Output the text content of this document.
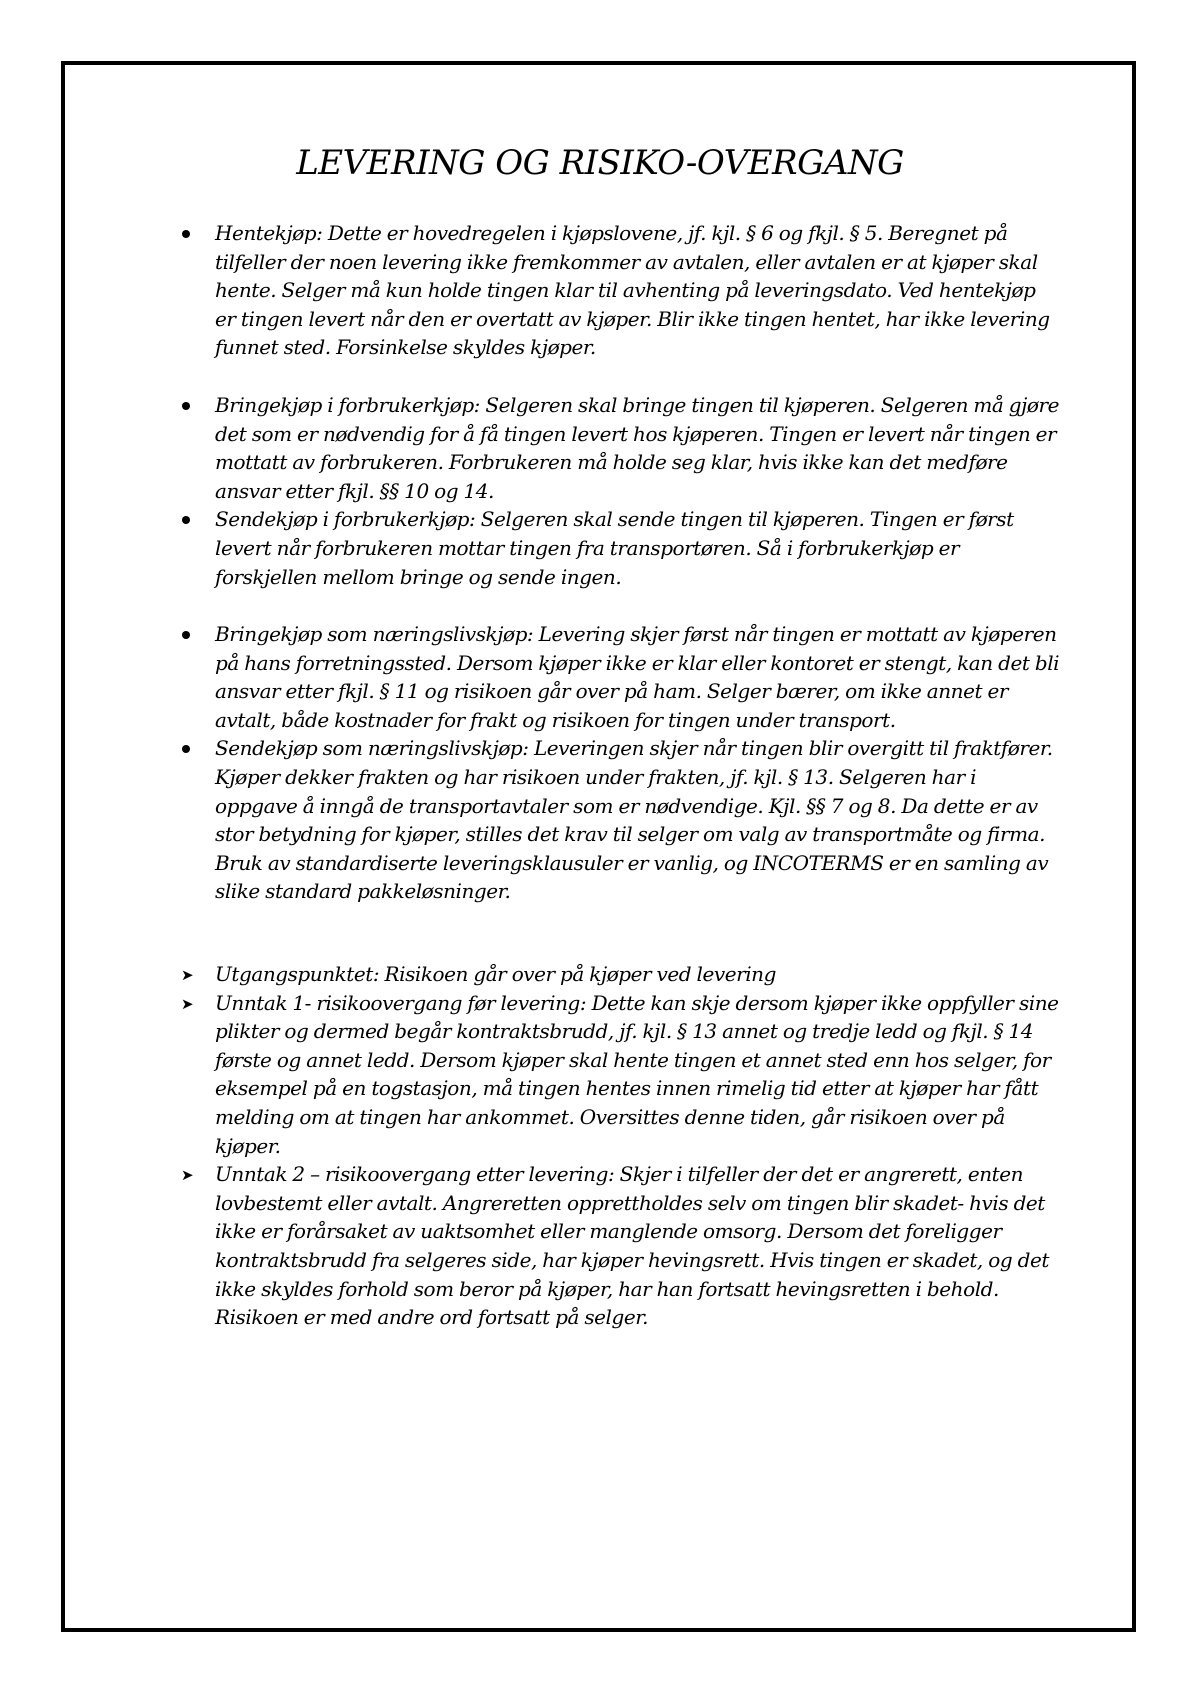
LEVERING OG RISIKO-OVERGANG
Hentekjøp: Dette er hovedregelen i kjøpslovene, jf. kjl. § 6 og fkjl. § 5. Beregnet på tilfeller der noen levering ikke fremkommer av avtalen, eller avtalen er at kjøper skal hente. Selger må kun holde tingen klar til avhenting på leveringsdato. Ved hentekjøp er tingen levert når den er overtatt av kjøper. Blir ikke tingen hentet, har ikke levering funnet sted. Forsinkelse skyldes kjøper.
Bringekjøp i forbrukerkjøp: Selgeren skal bringe tingen til kjøperen. Selgeren må gjøre det som er nødvendig for å få tingen levert hos kjøperen. Tingen er levert når tingen er mottatt av forbrukeren. Forbrukeren må holde seg klar, hvis ikke kan det medføre ansvar etter fkjl. §§ 10 og 14.
Sendekjøp i forbrukerkjøp: Selgeren skal sende tingen til kjøperen. Tingen er først levert når forbrukeren mottar tingen fra transportøren. Så i forbrukerkjøp er forskjellen mellom bringe og sende ingen.
Bringekjøp som næringslivskjøp: Levering skjer først når tingen er mottatt av kjøperen på hans forretningssted. Dersom kjøper ikke er klar eller kontoret er stengt, kan det bli ansvar etter fkjl. § 11 og risikoen går over på ham. Selger bærer, om ikke annet er avtalt, både kostnader for frakt og risikoen for tingen under transport.
Sendekjøp som næringslivskjøp: Leveringen skjer når tingen blir overgitt til fraktfører. Kjøper dekker frakten og har risikoen under frakten, jf. kjl. § 13. Selgeren har i oppgave å inngå de transportavtaler som er nødvendige. Kjl. §§ 7 og 8. Da dette er av stor betydning for kjøper, stilles det krav til selger om valg av transportmåte og firma. Bruk av standardiserte leveringsklausuler er vanlig, og INCOTERMS er en samling av slike standard pakkeløsninger.
➤ Utgangspunktet: Risikoen går over på kjøper ved levering
➤ Unntak 1- risikoovergang før levering: Dette kan skje dersom kjøper ikke oppfyller sine plikter og dermed begår kontraktsbrudd, jf. kjl. § 13 annet og tredje ledd og fkjl. § 14 første og annet ledd. Dersom kjøper skal hente tingen et annet sted enn hos selger, for eksempel på en togstasjon, må tingen hentes innen rimelig tid etter at kjøper har fått melding om at tingen har ankommet. Oversittes denne tiden, går risikoen over på kjøper.
➤ Unntak 2 – risikoovergang etter levering: Skjer i tilfeller der det er angrerett, enten lovbestemt eller avtalt. Angreretten opprettholdes selv om tingen blir skadet- hvis det ikke er forårsaket av uaktsomhet eller manglende omsorg. Dersom det foreligger kontraktsbrudd fra selgeres side, har kjøper hevingsrett. Hvis tingen er skadet, og det ikke skyldes forhold som beror på kjøper, har han fortsatt hevingsretten i behold. Risikoen er med andre ord fortsatt på selger.
